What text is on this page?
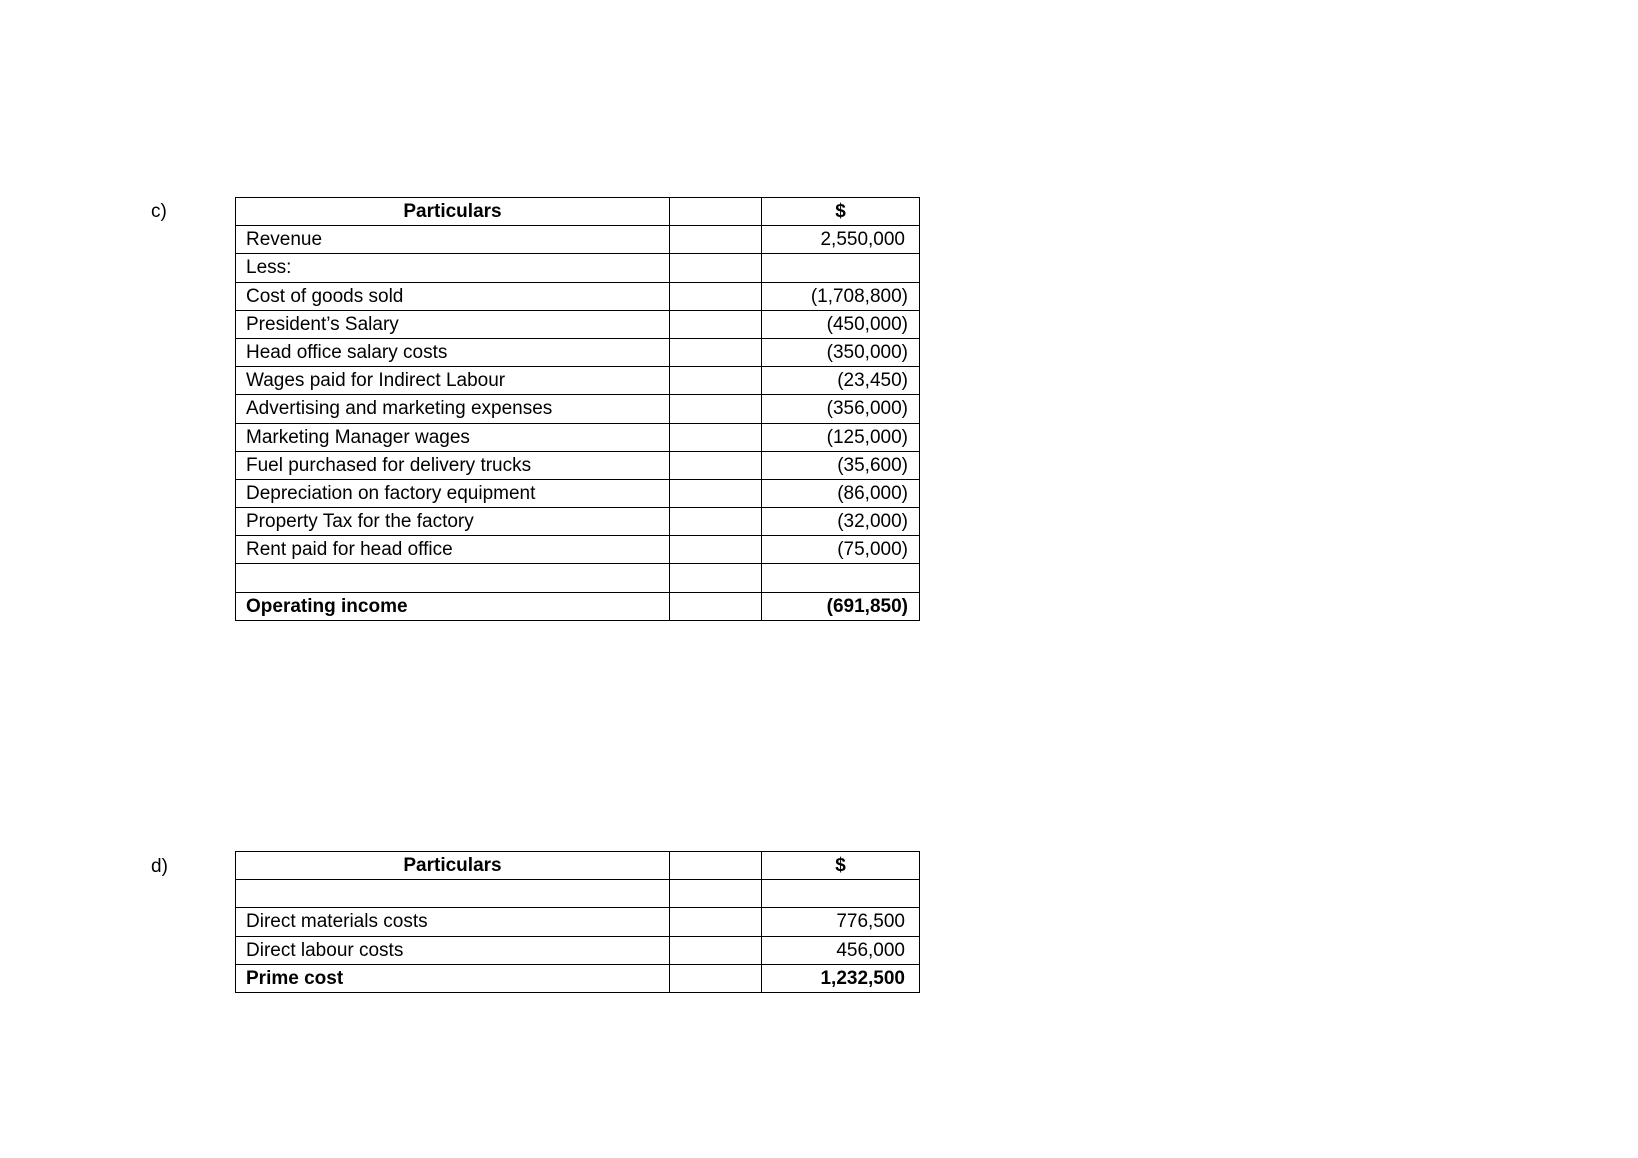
c)	Particulars		$
Revenue		2,550,000
Less:		
Cost of goods sold		(1,708,800)
President’s Salary		(450,000)
Head office salary costs		(350,000)
Wages paid for Indirect Labour		(23,450)
Advertising and marketing expenses		(356,000)
Marketing Manager wages		(125,000)
Fuel purchased for delivery trucks		(35,600)
Depreciation on factory equipment		(86,000)
Property Tax for the factory		(32,000)
Rent paid for head office		(75,000)

Operating income		(691,850)
d)	Particulars		$

Direct materials costs		776,500
Direct labour costs		456,000
Prime cost		1,232,500
